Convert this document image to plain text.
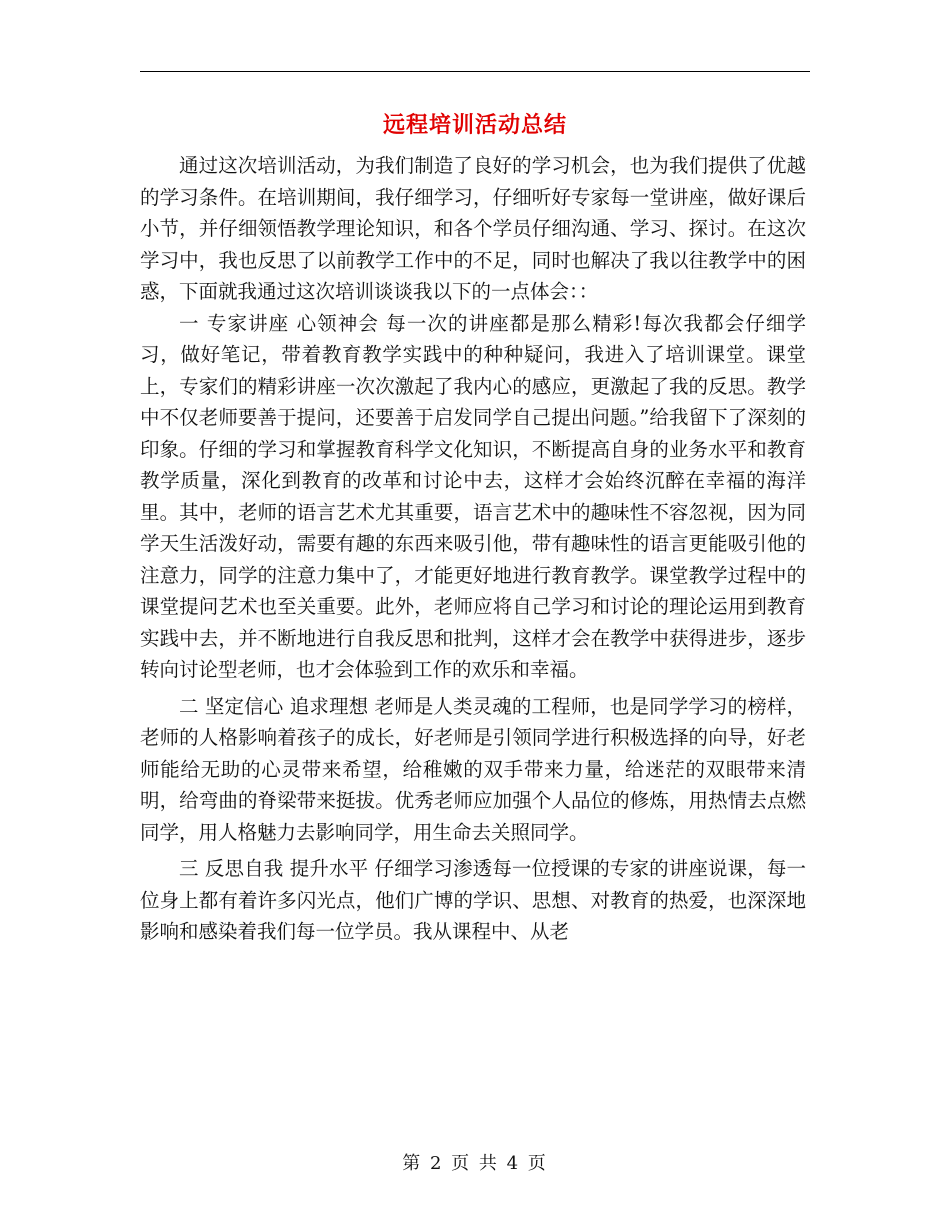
远程培训活动总结

通过这次培训活动，为我们制造了良好的学习机会，也为我们提供了优越的学习条件。在培训期间，我仔细学习，仔细听好专家每一堂讲座，做好课后小节，并仔细领悟教学理论知识，和各个学员仔细沟通、学习、探讨。在这次学习中，我也反思了以前教学工作中的不足，同时也解决了我以往教学中的困惑，下面就我通过这次培训谈谈我以下的一点体会：：

一 专家讲座 心领神会 每一次的讲座都是那么精彩!每次我都会仔细学习，做好笔记，带着教育教学实践中的种种疑问，我进入了培训课堂。课堂上，专家们的精彩讲座一次次激起了我内心的感应，更激起了我的反思。教学中不仅老师要善于提问，还要善于启发同学自己提出问题。”给我留下了深刻的印象。仔细的学习和掌握教育科学文化知识，不断提高自身的业务水平和教育教学质量，深化到教育的改革和讨论中去，这样才会始终沉醉在幸福的海洋里。其中，老师的语言艺术尤其重要，语言艺术中的趣味性不容忽视，因为同学天生活泼好动，需要有趣的东西来吸引他，带有趣味性的语言更能吸引他的注意力，同学的注意力集中了，才能更好地进行教育教学。课堂教学过程中的课堂提问艺术也至关重要。此外，老师应将自己学习和讨论的理论运用到教育实践中去，并不断地进行自我反思和批判，这样才会在教学中获得进步，逐步转向讨论型老师，也才会体验到工作的欢乐和幸福。

二 坚定信心 追求理想 老师是人类灵魂的工程师，也是同学学习的榜样，老师的人格影响着孩子的成长，好老师是引领同学进行积极选择的向导，好老师能给无助的心灵带来希望，给稚嫩的双手带来力量，给迷茫的双眼带来清明，给弯曲的脊梁带来挺拔。优秀老师应加强个人品位的修炼，用热情去点燃同学，用人格魅力去影响同学，用生命去关照同学。

三 反思自我 提升水平 仔细学习渗透每一位授课的专家的讲座说课，每一位身上都有着许多闪光点，他们广博的学识、思想、对教育的热爱，也深深地影响和感染着我们每一位学员。我从课程中、从老

第 2 页 共 4 页
